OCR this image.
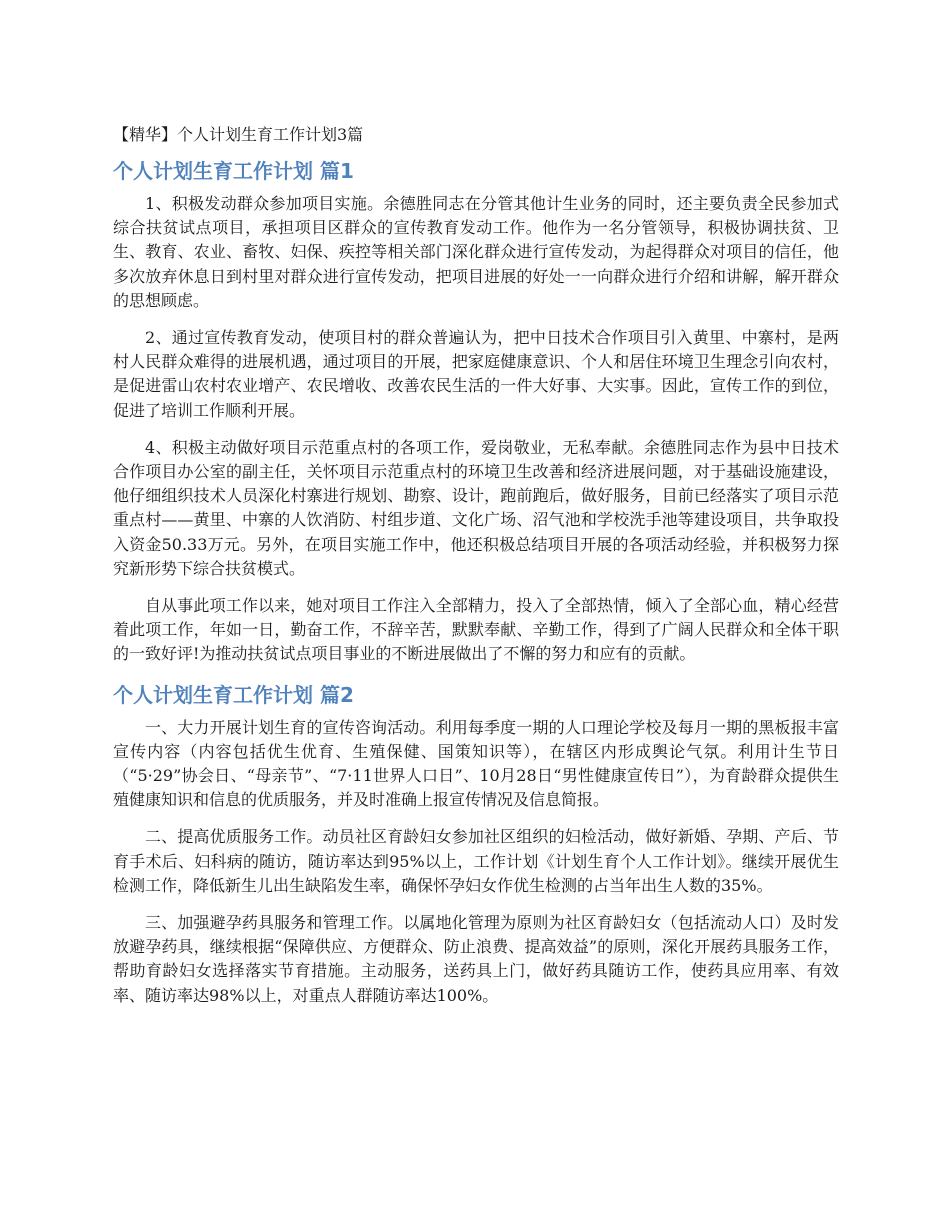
【精华】个人计划生育工作计划3篇
个人计划生育工作计划 篇1

1、积极发动群众参加项目实施。余德胜同志在分管其他计生业务的同时，还主要负责全民参加式综合扶贫试点项目，承担项目区群众的宣传教育发动工作。他作为一名分管领导，积极协调扶贫、卫生、教育、农业、畜牧、妇保、疾控等相关部门深化群众进行宣传发动，为起得群众对项目的信任，他多次放弃休息日到村里对群众进行宣传发动，把项目进展的好处一一向群众进行介绍和讲解，解开群众的思想顾虑。

2、通过宣传教育发动，使项目村的群众普遍认为，把中日技术合作项目引入黄里、中寨村，是两村人民群众难得的进展机遇，通过项目的开展，把家庭健康意识、个人和居住环境卫生理念引向农村，是促进雷山农村农业增产、农民增收、改善农民生活的一件大好事、大实事。因此，宣传工作的到位，促进了培训工作顺利开展。

4、积极主动做好项目示范重点村的各项工作，爱岗敬业，无私奉献。余德胜同志作为县中日技术合作项目办公室的副主任，关怀项目示范重点村的环境卫生改善和经济进展问题，对于基础设施建设，他仔细组织技术人员深化村寨进行规划、勘察、设计，跑前跑后，做好服务，目前已经落实了项目示范重点村——黄里、中寨的人饮消防、村组步道、文化广场、沼气池和学校洗手池等建设项目，共争取投入资金50.33万元。另外，在项目实施工作中，他还积极总结项目开展的各项活动经验，并积极努力探究新形势下综合扶贫模式。

自从事此项工作以来，她对项目工作注入全部精力，投入了全部热情，倾入了全部心血，精心经营着此项工作，年如一日，勤奋工作，不辞辛苦，默默奉献、辛勤工作，得到了广阔人民群众和全体干职的一致好评!为推动扶贫试点项目事业的不断进展做出了不懈的努力和应有的贡献。

个人计划生育工作计划 篇2

一、大力开展计划生育的宣传咨询活动。利用每季度一期的人口理论学校及每月一期的黑板报丰富宣传内容（内容包括优生优育、生殖保健、国策知识等），在辖区内形成舆论气氛。利用计生节日（“5·29”协会日、“母亲节”、“7·11世界人口日”、10月28日“男性健康宣传日”），为育龄群众提供生殖健康知识和信息的优质服务，并及时准确上报宣传情况及信息简报。

二、提高优质服务工作。动员社区育龄妇女参加社区组织的妇检活动，做好新婚、孕期、产后、节育手术后、妇科病的随访，随访率达到95%以上，工作计划《计划生育个人工作计划》。继续开展优生检测工作，降低新生儿出生缺陷发生率，确保怀孕妇女作优生检测的占当年出生人数的35%。

三、加强避孕药具服务和管理工作。以属地化管理为原则为社区育龄妇女（包括流动人口）及时发放避孕药具，继续根据“保障供应、方便群众、防止浪费、提高效益”的原则，深化开展药具服务工作，帮助育龄妇女选择落实节育措施。主动服务，送药具上门，做好药具随访工作，使药具应用率、有效率、随访率达98%以上，对重点人群随访率达100%。
